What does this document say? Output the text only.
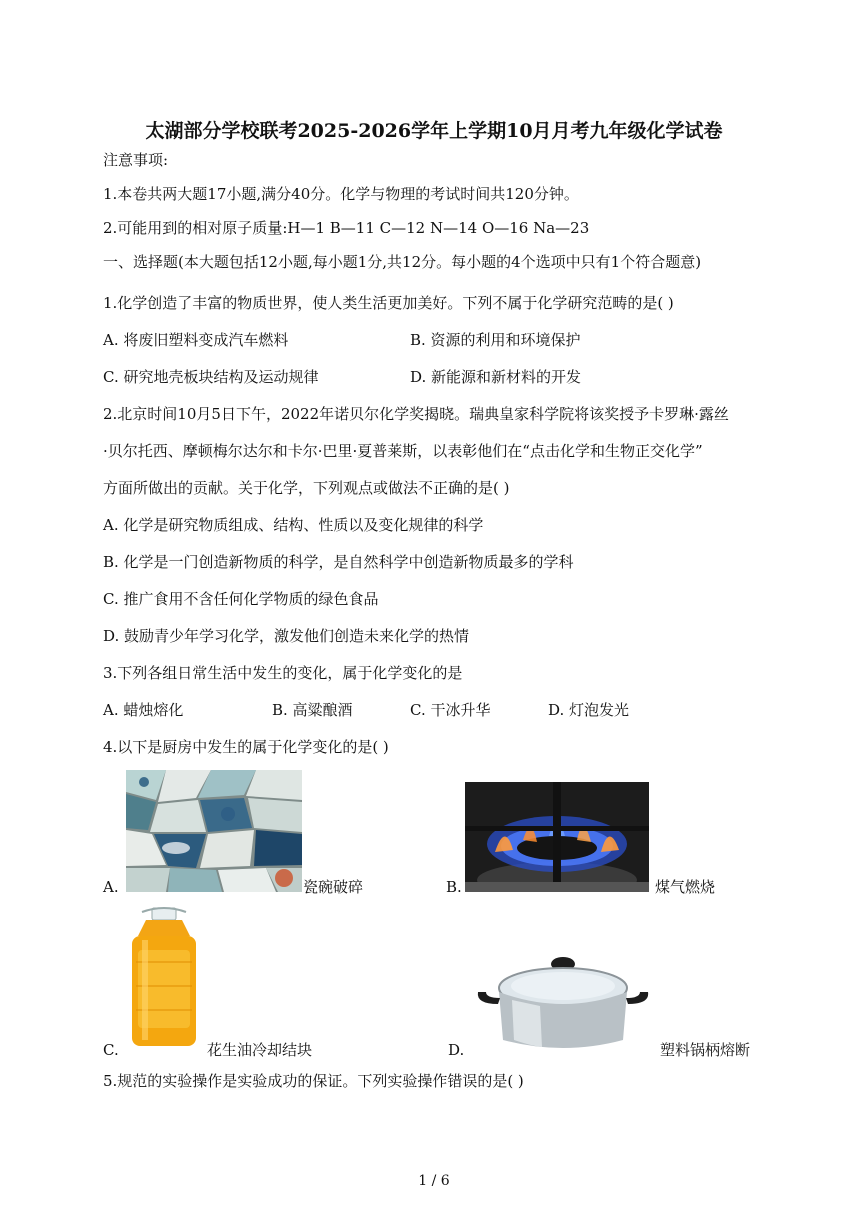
太湖部分学校联考2025-2026学年上学期10月月考九年级化学试卷
注意事项:
1.本卷共两大题17小题,满分40分。化学与物理的考试时间共120分钟。
2.可能用到的相对原子质量:H—1 B—11 C—12 N—14 O—16 Na—23
一、选择题(本大题包括12小题,每小题1分,共12分。每小题的4个选项中只有1个符合题意)
1.化学创造了丰富的物质世界，使人类生活更加美好。下列不属于化学研究范畴的是( )
A. 将废旧塑料变成汽车燃料	B. 资源的利用和环境保护
C. 研究地壳板块结构及运动规律	D. 新能源和新材料的开发
2.北京时间10月5日下午，2022年诺贝尔化学奖揭晓。瑞典皇家科学院将该奖授予卡罗琳·露丝
·贝尔托西、摩顿梅尔达尔和卡尔·巴里·夏普莱斯，以表彰他们在“点击化学和生物正交化学”
方面所做出的贡献。关于化学，下列观点或做法不正确的是( )
A. 化学是研究物质组成、结构、性质以及变化规律的科学
B. 化学是一门创造新物质的科学，是自然科学中创造新物质最多的学科
C. 推广食用不含任何化学物质的绿色食品
D. 鼓励青少年学习化学，激发他们创造未来化学的热情
3.下列各组日常生活中发生的变化，属于化学变化的是
A. 蜡烛熔化	B. 高粱酿酒	C. 干冰升华	D. 灯泡发光
4.以下是厨房中发生的属于化学变化的是( )
A.	瓷碗破碎	B.	煤气燃烧
C.	花生油冷却结块	D.	塑料锅柄熔断
5.规范的实验操作是实验成功的保证。下列实验操作错误的是( )
1 / 6
